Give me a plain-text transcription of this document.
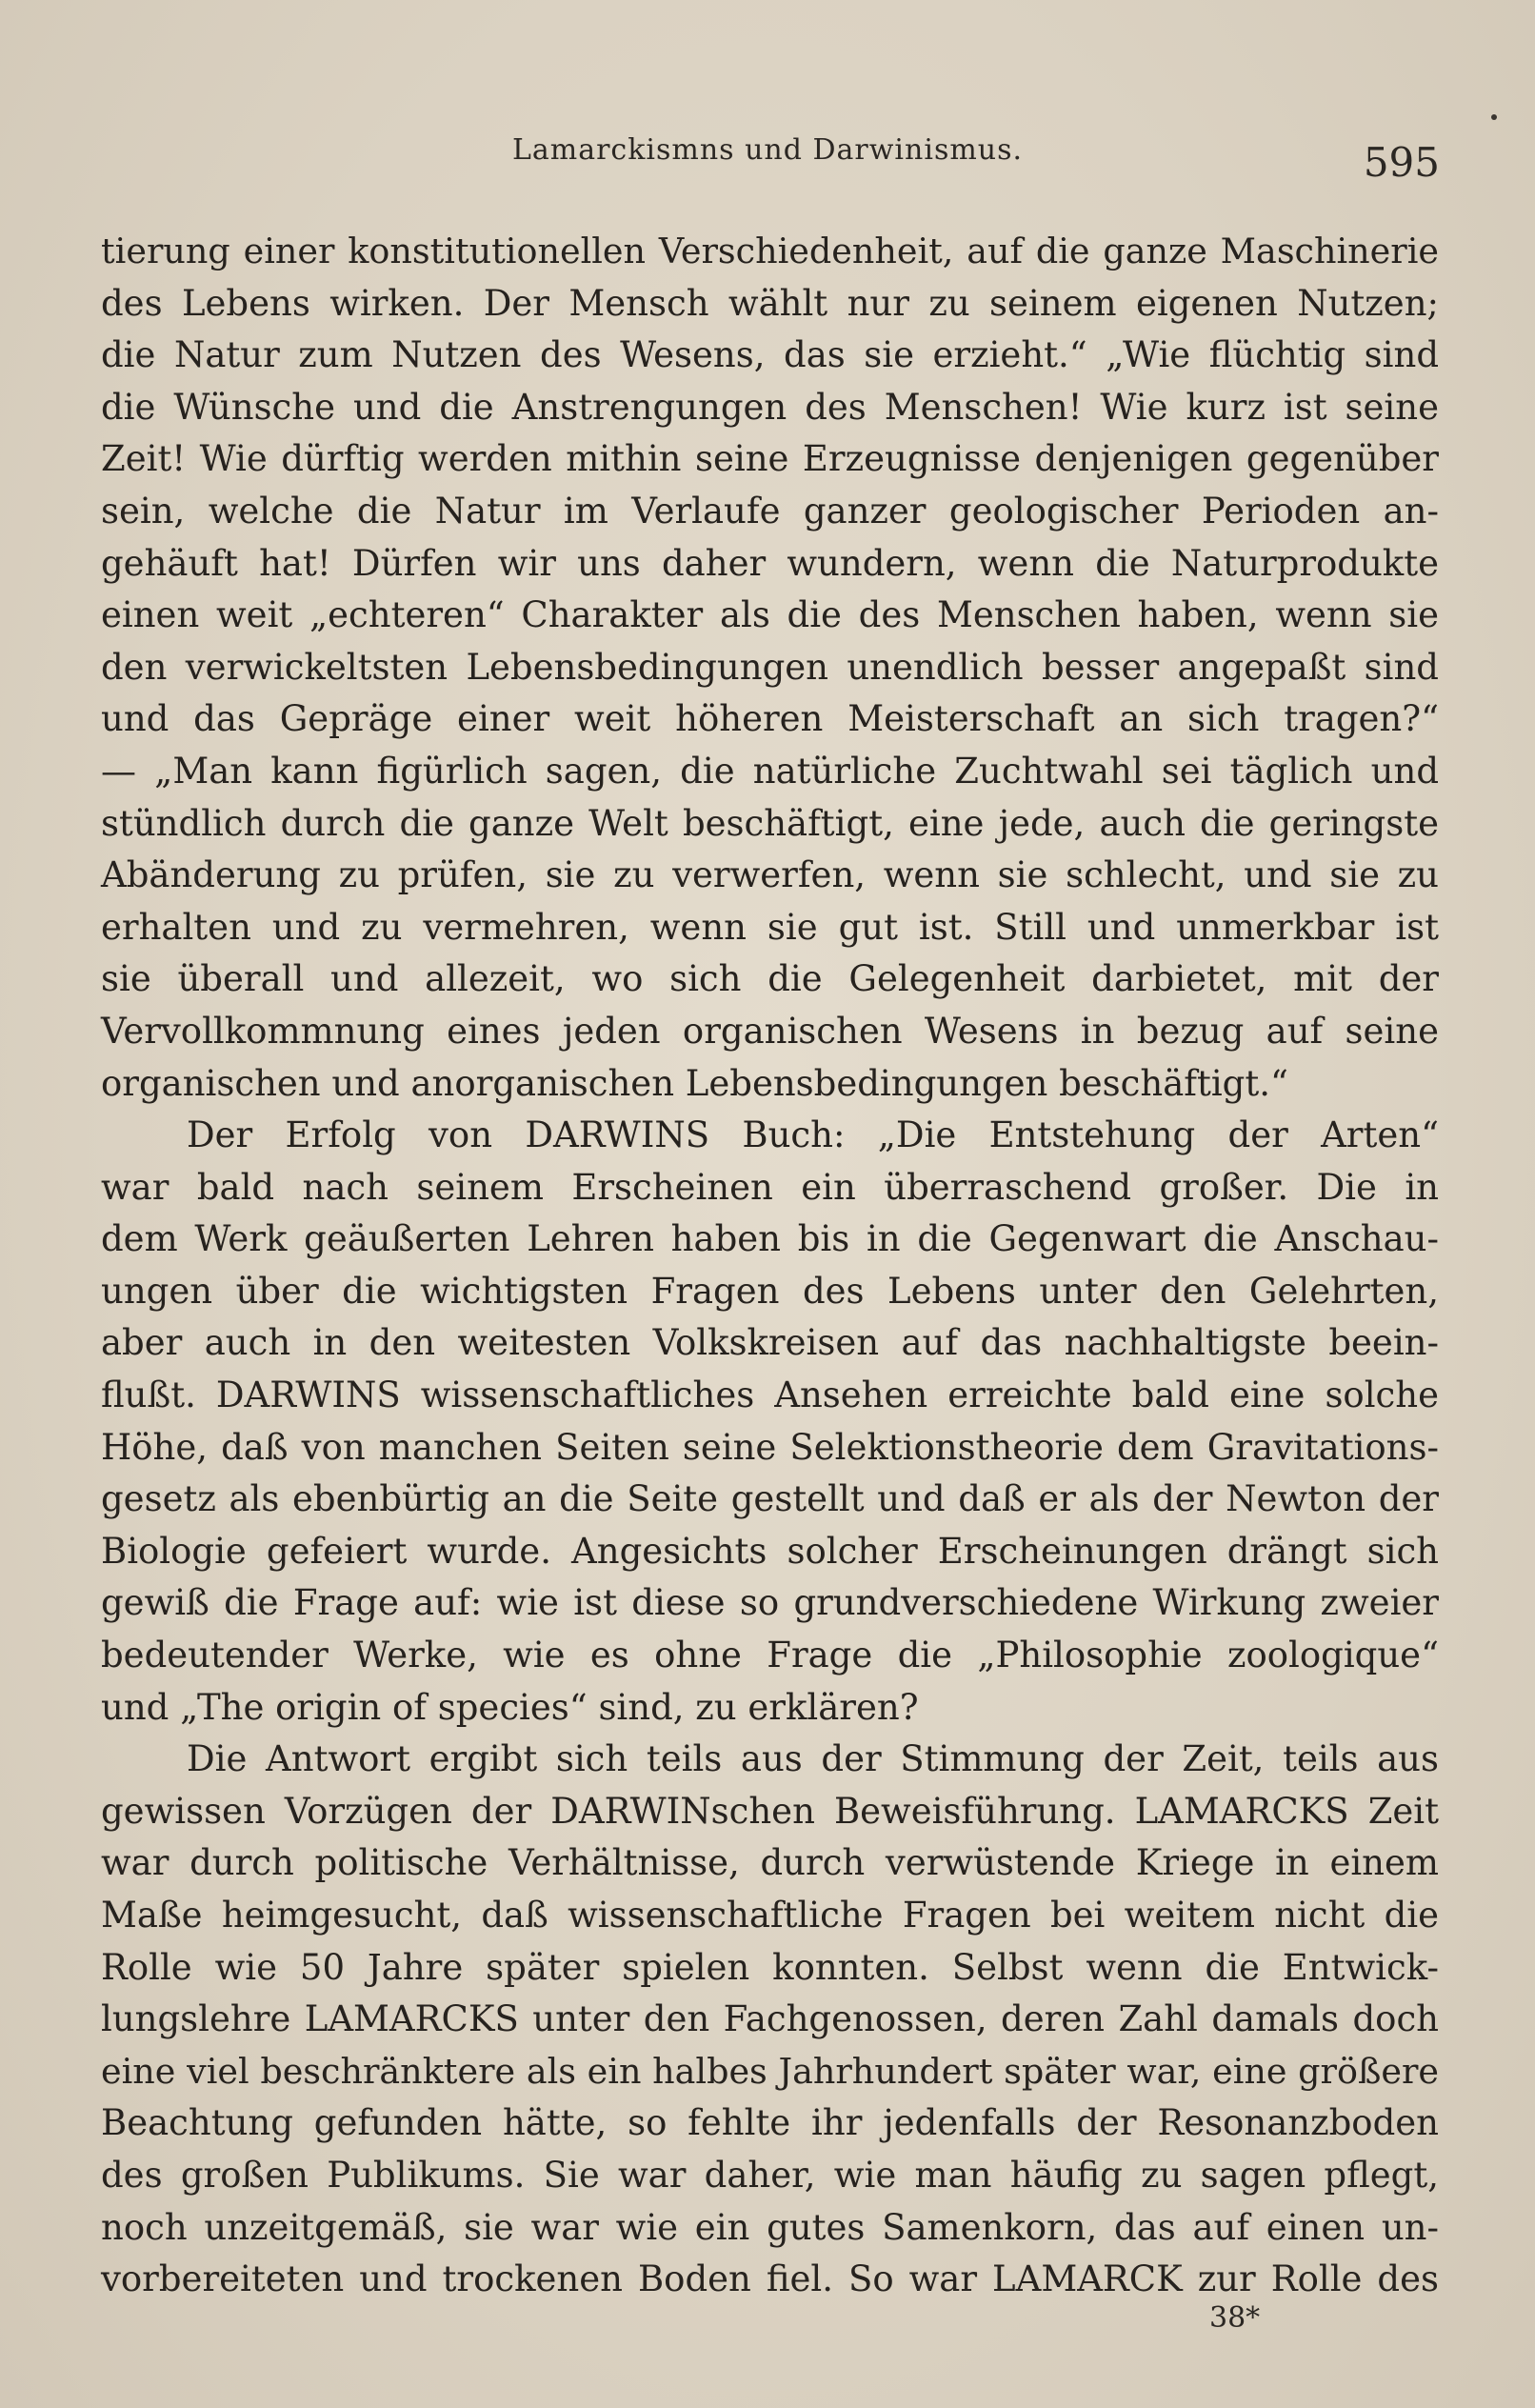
Lamarckismns und Darwinismus.	595
tierung einer konstitutionellen Verschiedenheit, auf die ganze Maschinerie
des Lebens wirken. Der Mensch wählt nur zu seinem eigenen Nutzen;
die Natur zum Nutzen des Wesens, das sie erzieht.“ „Wie flüchtig sind
die Wünsche und die Anstrengungen des Menschen! Wie kurz ist seine
Zeit! Wie dürftig werden mithin seine Erzeugnisse denjenigen gegenüber
sein, welche die Natur im Verlaufe ganzer geologischer Perioden an-
gehäuft hat! Dürfen wir uns daher wundern, wenn die Naturprodukte
einen weit „echteren“ Charakter als die des Menschen haben, wenn sie
den verwickeltsten Lebensbedingungen unendlich besser angepaßt sind
und das Gepräge einer weit höheren Meisterschaft an sich tragen?“
— „Man kann figürlich sagen, die natürliche Zuchtwahl sei täglich und
stündlich durch die ganze Welt beschäftigt, eine jede, auch die geringste
Abänderung zu prüfen, sie zu verwerfen, wenn sie schlecht, und sie zu
erhalten und zu vermehren, wenn sie gut ist. Still und unmerkbar ist
sie überall und allezeit, wo sich die Gelegenheit darbietet, mit der
Vervollkommnung eines jeden organischen Wesens in bezug auf seine
organischen und anorganischen Lebensbedingungen beschäftigt.“
Der Erfolg von DARWINS Buch: „Die Entstehung der Arten“
war bald nach seinem Erscheinen ein überraschend großer. Die in
dem Werk geäußerten Lehren haben bis in die Gegenwart die Anschau-
ungen über die wichtigsten Fragen des Lebens unter den Gelehrten,
aber auch in den weitesten Volkskreisen auf das nachhaltigste beein-
flußt. DARWINS wissenschaftliches Ansehen erreichte bald eine solche
Höhe, daß von manchen Seiten seine Selektionstheorie dem Gravitations-
gesetz als ebenbürtig an die Seite gestellt und daß er als der Newton der
Biologie gefeiert wurde. Angesichts solcher Erscheinungen drängt sich
gewiß die Frage auf: wie ist diese so grundverschiedene Wirkung zweier
bedeutender Werke, wie es ohne Frage die „Philosophie zoologique“
und „The origin of species“ sind, zu erklären?
Die Antwort ergibt sich teils aus der Stimmung der Zeit, teils aus
gewissen Vorzügen der DARWINschen Beweisführung. LAMARCKS Zeit
war durch politische Verhältnisse, durch verwüstende Kriege in einem
Maße heimgesucht, daß wissenschaftliche Fragen bei weitem nicht die
Rolle wie 50 Jahre später spielen konnten. Selbst wenn die Entwick-
lungslehre LAMARCKS unter den Fachgenossen, deren Zahl damals doch
eine viel beschränktere als ein halbes Jahrhundert später war, eine größere
Beachtung gefunden hätte, so fehlte ihr jedenfalls der Resonanzboden
des großen Publikums. Sie war daher, wie man häufig zu sagen pflegt,
noch unzeitgemäß, sie war wie ein gutes Samenkorn, das auf einen un-
vorbereiteten und trockenen Boden fiel. So war LAMARCK zur Rolle des
38*
